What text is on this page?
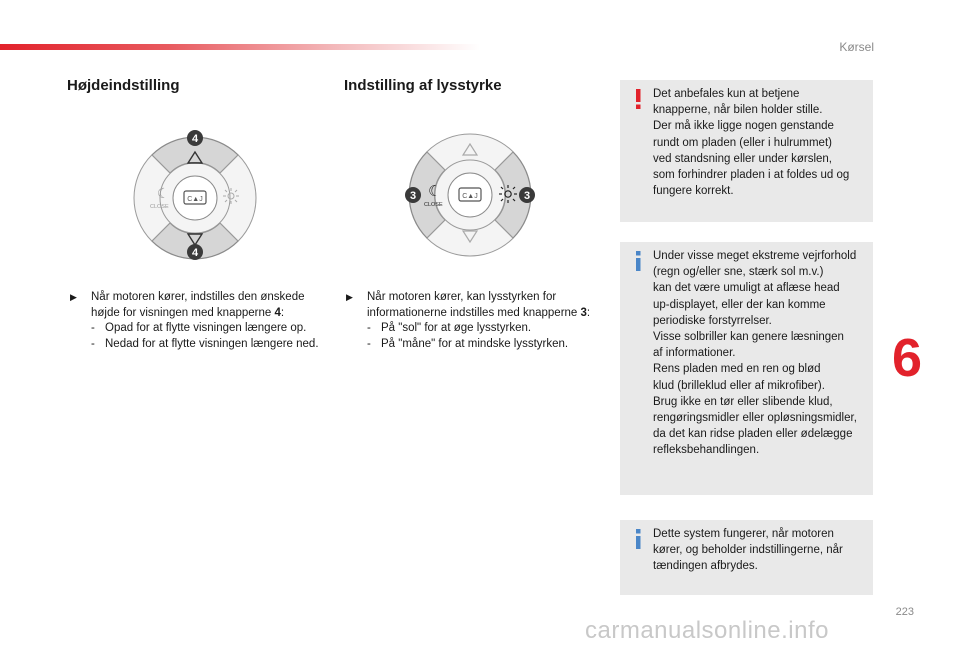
Kørsel
Højdeindstilling
C▲J
☾
CLOSE
4
4
▶ Når motoren kører, indstilles den ønskede højde for visningen med knapperne 4:
- Opad for at flytte visningen længere op.
- Nedad for at flytte visningen længere ned.
Indstilling af lysstyrke
C▲J
☾
CLOSE
3	3
▶ Når motoren kører, kan lysstyrken for informationerne indstilles med knapperne 3:
- På "sol" for at øge lysstyrken.
- På "måne" for at mindske lysstyrken.
Det anbefales kun at betjene
knapperne, når bilen holder stille.
Der må ikke ligge nogen genstande
rundt om pladen (eller i hulrummet)
ved standsning eller under kørslen,
som forhindrer pladen i at foldes ud og
fungere korrekt.
Under visse meget ekstreme vejrforhold
(regn og/eller sne, stærk sol m.v.)
kan det være umuligt at aflæse head
up-displayet, eller der kan komme
periodiske forstyrrelser.
Visse solbriller kan genere læsningen
af informationer.
Rens pladen med en ren og blød
klud (brilleklud eller af mikrofiber).
Brug ikke en tør eller slibende klud,
rengøringsmidler eller opløsningsmidler,
da det kan ridse pladen eller ødelægge
refleksbehandlingen.
Dette system fungerer, når motoren
kører, og beholder indstillingerne, når
tændingen afbrydes.
6
223
carmanualsonline.info
